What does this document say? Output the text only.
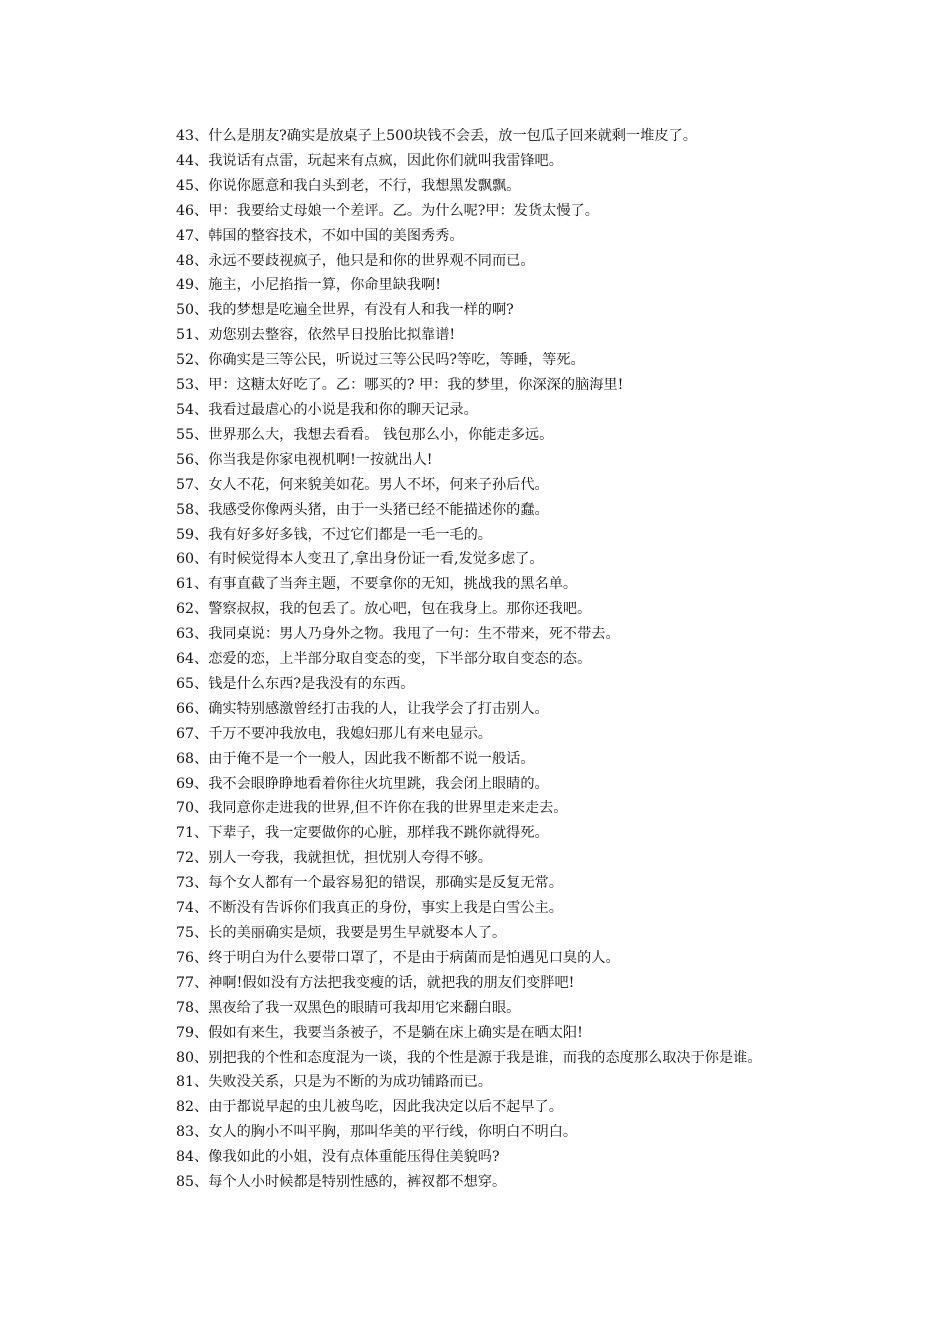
43、什么是朋友?确实是放桌子上500块钱不会丢，放一包瓜子回来就剩一堆皮了。

44、我说话有点雷，玩起来有点疯，因此你们就叫我雷锋吧。

45、你说你愿意和我白头到老，不行，我想黑发飘飘。

46、甲：我要给丈母娘一个差评。乙。为什么呢?甲：发货太慢了。

47、韩国的整容技术，不如中国的美图秀秀。

48、永远不要歧视疯子，他只是和你的世界观不同而已。

49、施主，小尼掐指一算，你命里缺我啊!

50、我的梦想是吃遍全世界，有没有人和我一样的啊?

51、劝您别去整容，依然早日投胎比拟靠谱!

52、你确实是三等公民，听说过三等公民吗?等吃，等睡，等死。

53、甲：这糖太好吃了。乙：哪买的? 甲：我的梦里，你深深的脑海里!

54、我看过最虐心的小说是我和你的聊天记录。

55、世界那么大，我想去看看。 钱包那么小，你能走多远。

56、你当我是你家电视机啊!一按就出人!

57、女人不花，何来貌美如花。男人不坏，何来子孙后代。

58、我感受你像两头猪，由于一头猪已经不能描述你的蠢。

59、我有好多好多钱，不过它们都是一毛一毛的。

60、有时候觉得本人变丑了,拿出身份证一看,发觉多虑了。

61、有事直截了当奔主题，不要拿你的无知，挑战我的黑名单。

62、警察叔叔，我的包丢了。放心吧，包在我身上。那你还我吧。

63、我同桌说：男人乃身外之物。我甩了一句：生不带来，死不带去。

64、恋爱的恋，上半部分取自变态的变，下半部分取自变态的态。

65、钱是什么东西?是我没有的东西。

66、确实特别感激曾经打击我的人，让我学会了打击别人。

67、千万不要冲我放电，我媳妇那儿有来电显示。

68、由于俺不是一个一般人，因此我不断都不说一般话。

69、我不会眼睁睁地看着你往火坑里跳，我会闭上眼睛的。

70、我同意你走进我的世界,但不许你在我的世界里走来走去。

71、下辈子，我一定要做你的心脏，那样我不跳你就得死。

72、别人一夸我，我就担忧，担忧别人夸得不够。

73、每个女人都有一个最容易犯的错误，那确实是反复无常。

74、不断没有告诉你们我真正的身份，事实上我是白雪公主。

75、长的美丽确实是烦，我要是男生早就娶本人了。

76、终于明白为什么要带口罩了，不是由于病菌而是怕遇见口臭的人。

77、神啊!假如没有方法把我变瘦的话，就把我的朋友们变胖吧!

78、黑夜给了我一双黑色的眼睛可我却用它来翻白眼。

79、假如有来生，我要当条被子，不是躺在床上确实是在晒太阳!

80、别把我的个性和态度混为一谈，我的个性是源于我是谁，而我的态度那么取决于你是谁。

81、失败没关系，只是为不断的为成功铺路而已。

82、由于都说早起的虫儿被鸟吃，因此我决定以后不起早了。

83、女人的胸小不叫平胸，那叫华美的平行线，你明白不明白。

84、像我如此的小姐，没有点体重能压得住美貌吗?

85、每个人小时候都是特别性感的，裤衩都不想穿。
